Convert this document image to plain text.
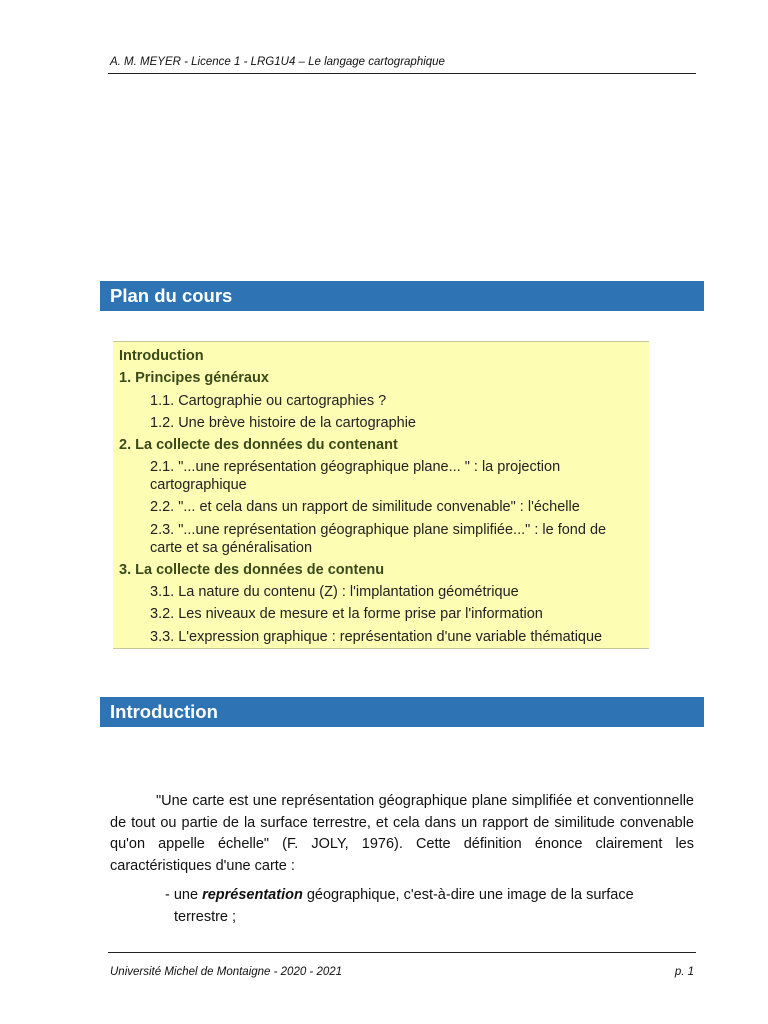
A. M. MEYER - Licence 1 - LRG1U4 – Le langage cartographique
Plan du cours
Introduction
1. Principes généraux
1.1. Cartographie ou cartographies ?
1.2. Une brève histoire de la cartographie
2. La collecte des données du contenant
2.1. "...une représentation géographique plane... " : la projection cartographique
2.2. "... et cela dans un rapport de similitude convenable" : l'échelle
2.3. "...une représentation géographique plane simplifiée..." : le fond de carte et sa généralisation
3. La collecte des données de contenu
3.1. La nature du contenu (Z) : l'implantation géométrique
3.2. Les niveaux de mesure et la forme prise par l'information
3.3. L'expression graphique : représentation d'une variable thématique
Introduction
"Une carte est une représentation géographique plane simplifiée et conventionnelle de tout ou partie de la surface terrestre, et cela dans un rapport de similitude convenable qu'on appelle échelle" (F. JOLY, 1976). Cette définition énonce clairement les caractéristiques d'une carte :
- une représentation géographique, c'est-à-dire une image de la surface
terrestre ;
Université Michel de Montaigne - 2020 - 2021	p. 1
